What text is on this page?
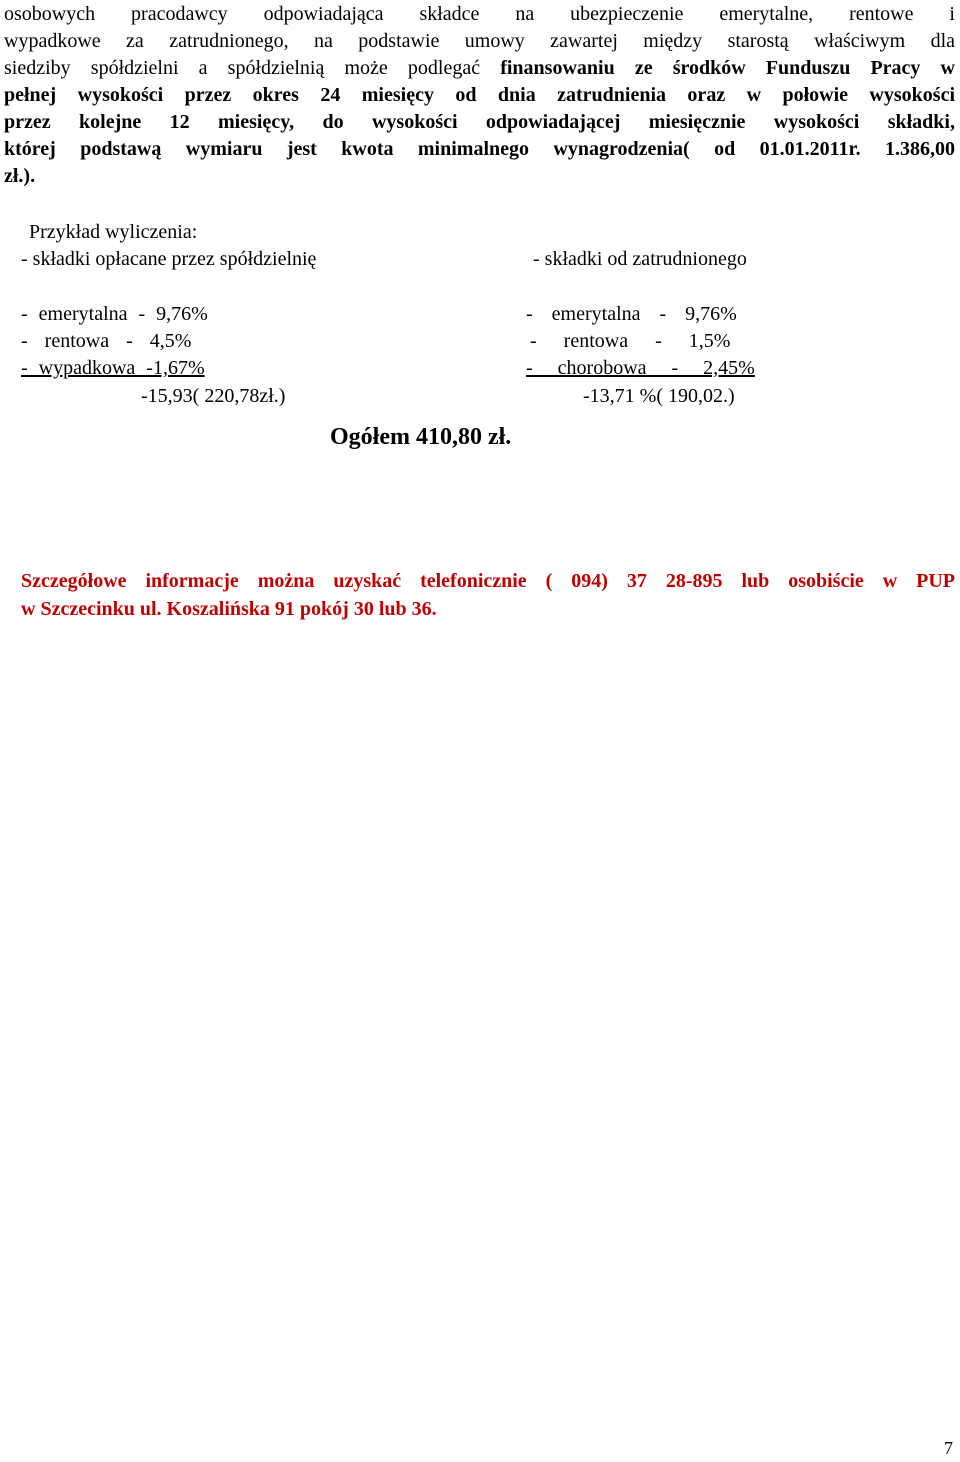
osobowych pracodawcy odpowiadająca składce na ubezpieczenie emerytalne, rentowe i
wypadkowe za zatrudnionego, na podstawie umowy zawartej między starostą właściwym dla
siedziby spółdzielni a spółdzielnią może podlegać finansowaniu ze środków Funduszu Pracy w
pełnej wysokości przez okres 24 miesięcy od dnia zatrudnienia oraz w połowie wysokości
przez kolejne 12 miesięcy, do wysokości odpowiadającej miesięcznie wysokości składki,
której podstawą wymiaru jest kwota minimalnego wynagrodzenia( od 01.01.2011r. 1.386,00
zł.).
Przykład wyliczenia:
- składki opłacane przez spółdzielnię	- składki od zatrudnionego
- emerytalna - 9,76%
- rentowa - 4,5%
- wypadkowa -1,67%
-15,93( 220,78zł.)
- emerytalna - 9,76%
- rentowa - 1,5%
- chorobowa - 2,45%
-13,71 %( 190,02.)
Ogółem 410,80 zł.
Szczegółowe informacje można uzyskać telefonicznie ( 094) 37 28-895 lub osobiście w PUP
w Szczecinku ul. Koszalińska 91 pokój 30 lub 36.
7
